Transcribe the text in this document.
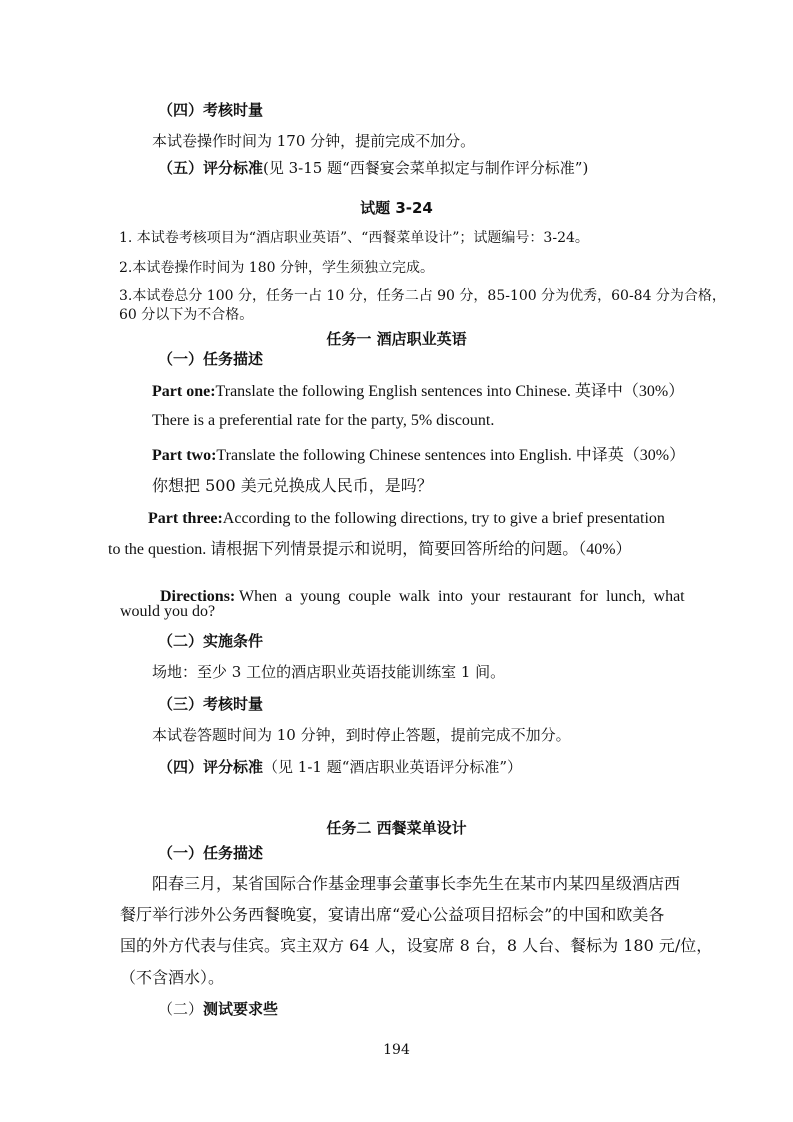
（四）考核时量
本试卷操作时间为 170 分钟，提前完成不加分。
（五）评分标准(见 3-15 题“西餐宴会菜单拟定与制作评分标准”)
试题 3-24
1. 本试卷考核项目为“酒店职业英语”、“西餐菜单设计”；试题编号：3-24。
2.本试卷操作时间为 180 分钟，学生须独立完成。
3.本试卷总分 100 分，任务一占 10 分，任务二占 90 分，85-100 分为优秀，60-84 分为合格，
60 分以下为不合格。
任务一 酒店职业英语
（一）任务描述
Part one:Translate the following English sentences into Chinese. 英译中（30%）
There is a preferential rate for the party, 5% discount.
Part two:Translate the following Chinese sentences into English. 中译英（30%）
你想把 500 美元兑换成人民币，是吗？
Part three:According to the following directions, try to give a brief presentation
to the question. 请根据下列情景提示和说明，简要回答所给的问题。（40%）

Directions: When  a  young  couple  walk  into  your  restaurant  for  lunch,  what

would you do?
（二）实施条件
场地：至少 3 工位的酒店职业英语技能训练室 1 间。
（三）考核时量
本试卷答题时间为 10 分钟，到时停止答题，提前完成不加分。
（四）评分标准（见 1-1 题“酒店职业英语评分标准”）
任务二 西餐菜单设计
（一）任务描述
阳春三月，某省国际合作基金理事会董事长李先生在某市内某四星级酒店西
餐厅举行涉外公务西餐晚宴，宴请出席“爱心公益项目招标会”的中国和欧美各
国的外方代表与佳宾。宾主双方 64 人，设宴席 8 台，8 人台、餐标为 180 元/位，
（不含酒水）。
（二）测试要求些
194
